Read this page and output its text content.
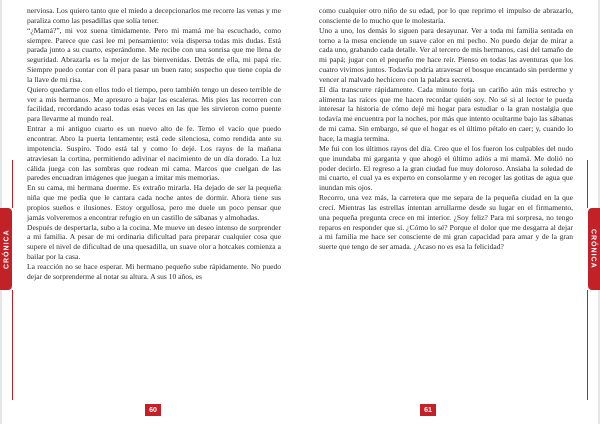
nerviosa. Los quiero tanto que el miedo a decepcionarlos me recorre las venas y me paraliza como las pesadillas que solía tener.

“¿Mamá?”, mi voz suena tímidamente. Pero mi mamá me ha escuchado, como siempre. Parece que casi lee mi pensamiento: veía dispersa todas mis dudas. Está parada junto a su cuarto, esperándome. Me recibe con una sonrisa que me llena de seguridad. Abrazarla es la mejor de las bienvenidas. Detrás de ella, mi papá ríe. Siempre puedo contar con él para pasar un buen rato; sospecho que tiene copia de la llave de mi risa.

Quiero quedarme con ellos todo el tiempo, pero también tengo un deseo terrible de ver a mis hermanos. Me apresuro a bajar las escaleras. Mis pies las recorren con facilidad, recordando acaso todas esas veces en las que les sirvieron como puente para llevarme al mundo real.

Entrar a mi antiguo cuarto es un nuevo alto de fe. Temo el vacío que puedo encontrar. Abro la puerta lentamente; está cede silenciosa, como rendida ante su impotencia. Suspiro. Todo está tal y como lo dejé. Los rayos de la mañana atraviesan la cortina, permitiendo adivinar el nacimiento de un día dorado. La luz cálida juega con las sombras que rodean mi cama. Marcos que cuelgan de las paredes encuadran imágenes que juegan a imitar mis memorias.

En su cama, mi hermana duerme. Es extraño mirarla. Ha dejado de ser la pequeña niña que me pedía que le cantara cada noche antes de dormir. Ahora tiene sus propios sueños e ilusiones. Estoy orgullosa, pero me duele un poco pensar que jamás volveremos a encontrar refugio en un castillo de sábanas y almohadas.

Después de despertarla, subo a la cocina. Me mueve un deseo intenso de sorprender a mi familia. A pesar de mi ordinaria dificultad para preparar cualquier cosa que supere el nivel de dificultad de una quesadilla, un suave olor a hotcakes comienza a bailar por la casa.

La reacción no se hace esperar. Mi hermano pequeño sube rápidamente. No puedo dejar de sorprenderme al notar su altura. A sus 10 años, es

CRÓNICA
60

como cualquier otro niño de su edad, por lo que reprimo el impulso de abrazarlo, consciente de lo mucho que le molestaría.

Uno a uno, los demás lo siguen para desayunar. Ver a toda mi familia sentada en torno a la mesa enciende un suave calor en mi pecho. No puedo dejar de mirar a cada uno, grabando cada detalle. Ver al tercero de mis hermanos, casi del tamaño de mi papá; jugar con el pequeño me hace reír. Pienso en todas las aventuras que los cuatro vivimos juntos. Todavía podría atravesar el bosque encantado sin perderme y vencer al malvado hechicero con la palabra secreta.

El día transcurre rápidamente. Cada minuto forja un cariño aún más estrecho y alimenta las raíces que me hacen recordar quién soy. No sé si al lector le pueda interesar la historia de cómo dejé mi hogar para estudiar o la gran nostalgia que todavía me encuentra por la noches, por más que intento ocultarme bajo las sábanas de mi cama. Sin embargo, sé que el hogar es el último pétalo en caer; y, cuando lo hace, la magia termina.

Me fui con los últimos rayos del día. Creo que el los fueron los culpables del nudo que inundaba mi garganta y que ahogó el último adiós a mi mamá. Me dolió no poder decirlo. El regreso a la gran ciudad fue muy doloroso. Ansiaba la soledad de mi cuarto, el cual ya es experto en consolarme y en recoger las gotitas de agua que inundan mis ojos.

Recorro, una vez más, la carretera que me separa de la pequeña ciudad en la que crecí. Mientras las estrellas intentan arrullarme desde su lugar en el firmamento, una pequeña pregunta crece en mi interior. ¿Soy feliz? Para mi sorpresa, no tengo reparos en responder que sí. ¿Cómo lo sé? Porque el dolor que me desgarra al dejar a mi familia me hace ser consciente de mi gran capacidad para amar y de la gran suerte que tengo de ser amada. ¿Acaso no es esa la felicidad?	CRÓNICA
61
